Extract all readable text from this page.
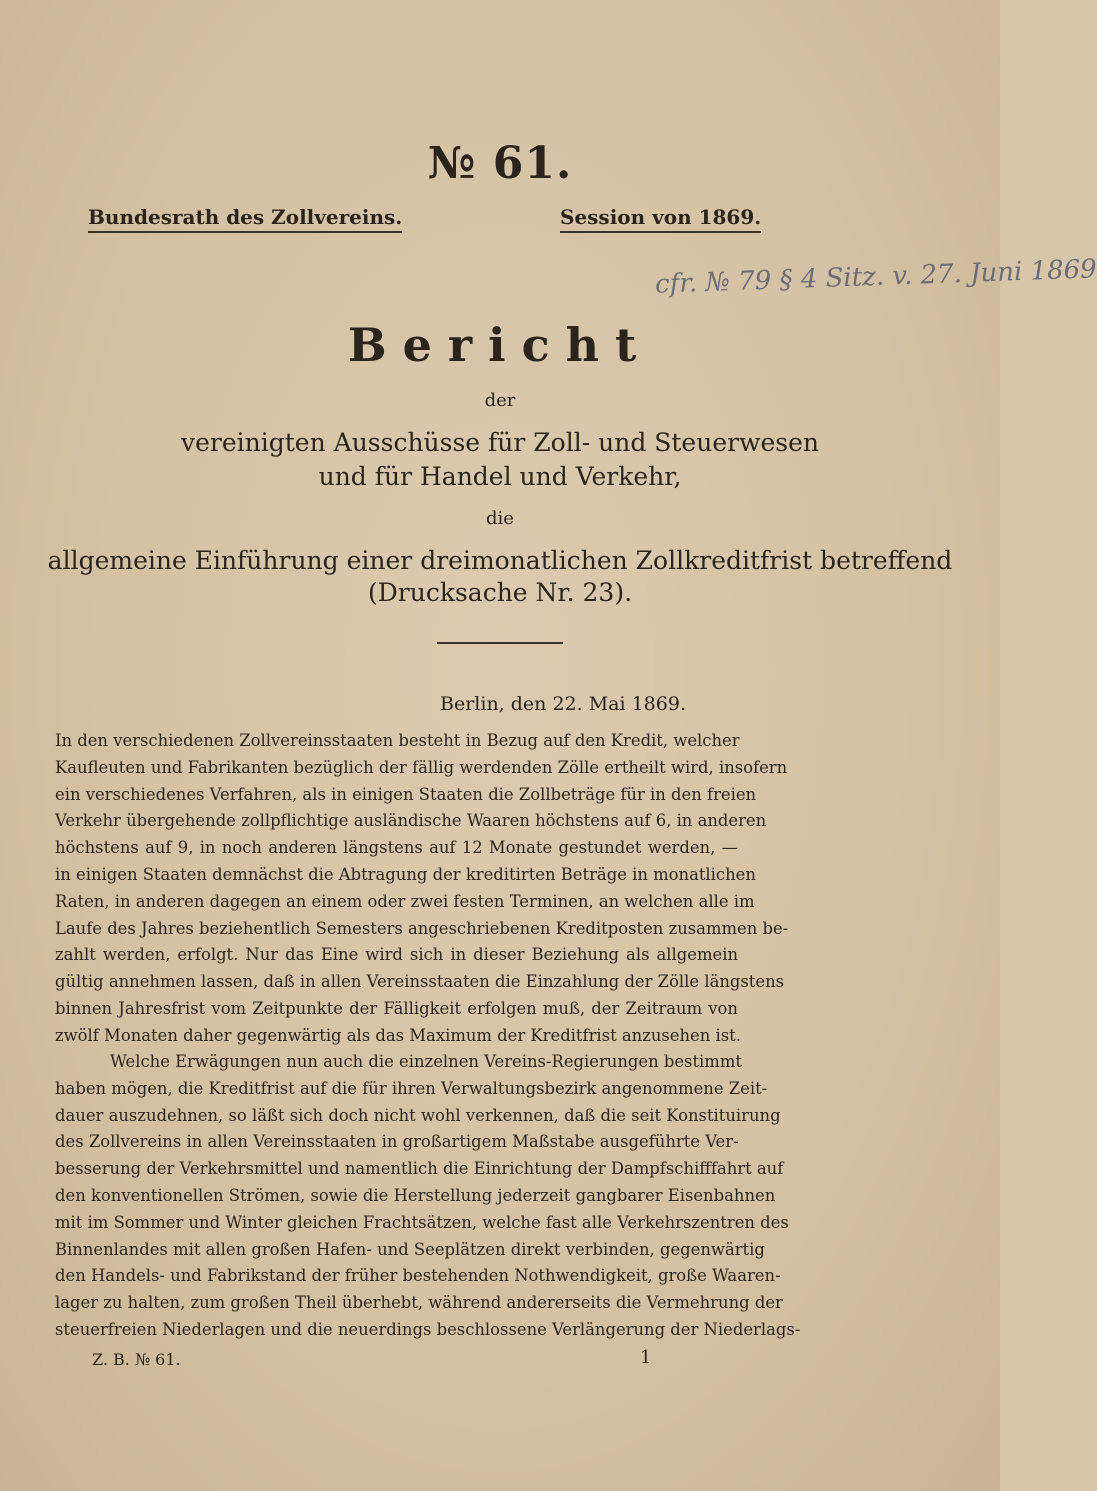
№ 61.
Bundesrath des Zollvereins.	Session von 1869.
cfr. № 79 § 4 Sitz. v. 27. Juni 1869
Bericht
der
vereinigten Ausschüsse für Zoll- und Steuerwesen
und für Handel und Verkehr,
die
allgemeine Einführung einer dreimonatlichen Zollkreditfrist betreffend
(Drucksache Nr. 23).
Berlin, den 22. Mai 1869.
In den verschiedenen Zollvereinsstaaten besteht in Bezug auf den Kredit, welcher
Kaufleuten und Fabrikanten bezüglich der fällig werdenden Zölle ertheilt wird, insofern
ein verschiedenes Verfahren, als in einigen Staaten die Zollbeträge für in den freien
Verkehr übergehende zollpflichtige ausländische Waaren höchstens auf 6, in anderen
höchstens auf 9, in noch anderen längstens auf 12 Monate gestundet werden, —
in einigen Staaten demnächst die Abtragung der kreditirten Beträge in monatlichen
Raten, in anderen dagegen an einem oder zwei festen Terminen, an welchen alle im
Laufe des Jahres beziehentlich Semesters angeschriebenen Kreditposten zusammen be-
zahlt werden, erfolgt. Nur das Eine wird sich in dieser Beziehung als allgemein
gültig annehmen lassen, daß in allen Vereinsstaaten die Einzahlung der Zölle längstens
binnen Jahresfrist vom Zeitpunkte der Fälligkeit erfolgen muß, der Zeitraum von
zwölf Monaten daher gegenwärtig als das Maximum der Kreditfrist anzusehen ist.
Welche Erwägungen nun auch die einzelnen Vereins-Regierungen bestimmt
haben mögen, die Kreditfrist auf die für ihren Verwaltungsbezirk angenommene Zeit-
dauer auszudehnen, so läßt sich doch nicht wohl verkennen, daß die seit Konstituirung
des Zollvereins in allen Vereinsstaaten in großartigem Maßstabe ausgeführte Ver-
besserung der Verkehrsmittel und namentlich die Einrichtung der Dampfschifffahrt auf
den konventionellen Strömen, sowie die Herstellung jederzeit gangbarer Eisenbahnen
mit im Sommer und Winter gleichen Frachtsätzen, welche fast alle Verkehrszentren des
Binnenlandes mit allen großen Hafen- und Seeplätzen direkt verbinden, gegenwärtig
den Handels- und Fabrikstand der früher bestehenden Nothwendigkeit, große Waaren-
lager zu halten, zum großen Theil überhebt, während andererseits die Vermehrung der
steuerfreien Niederlagen und die neuerdings beschlossene Verlängerung der Niederlags-
Z. B. № 61.	1
